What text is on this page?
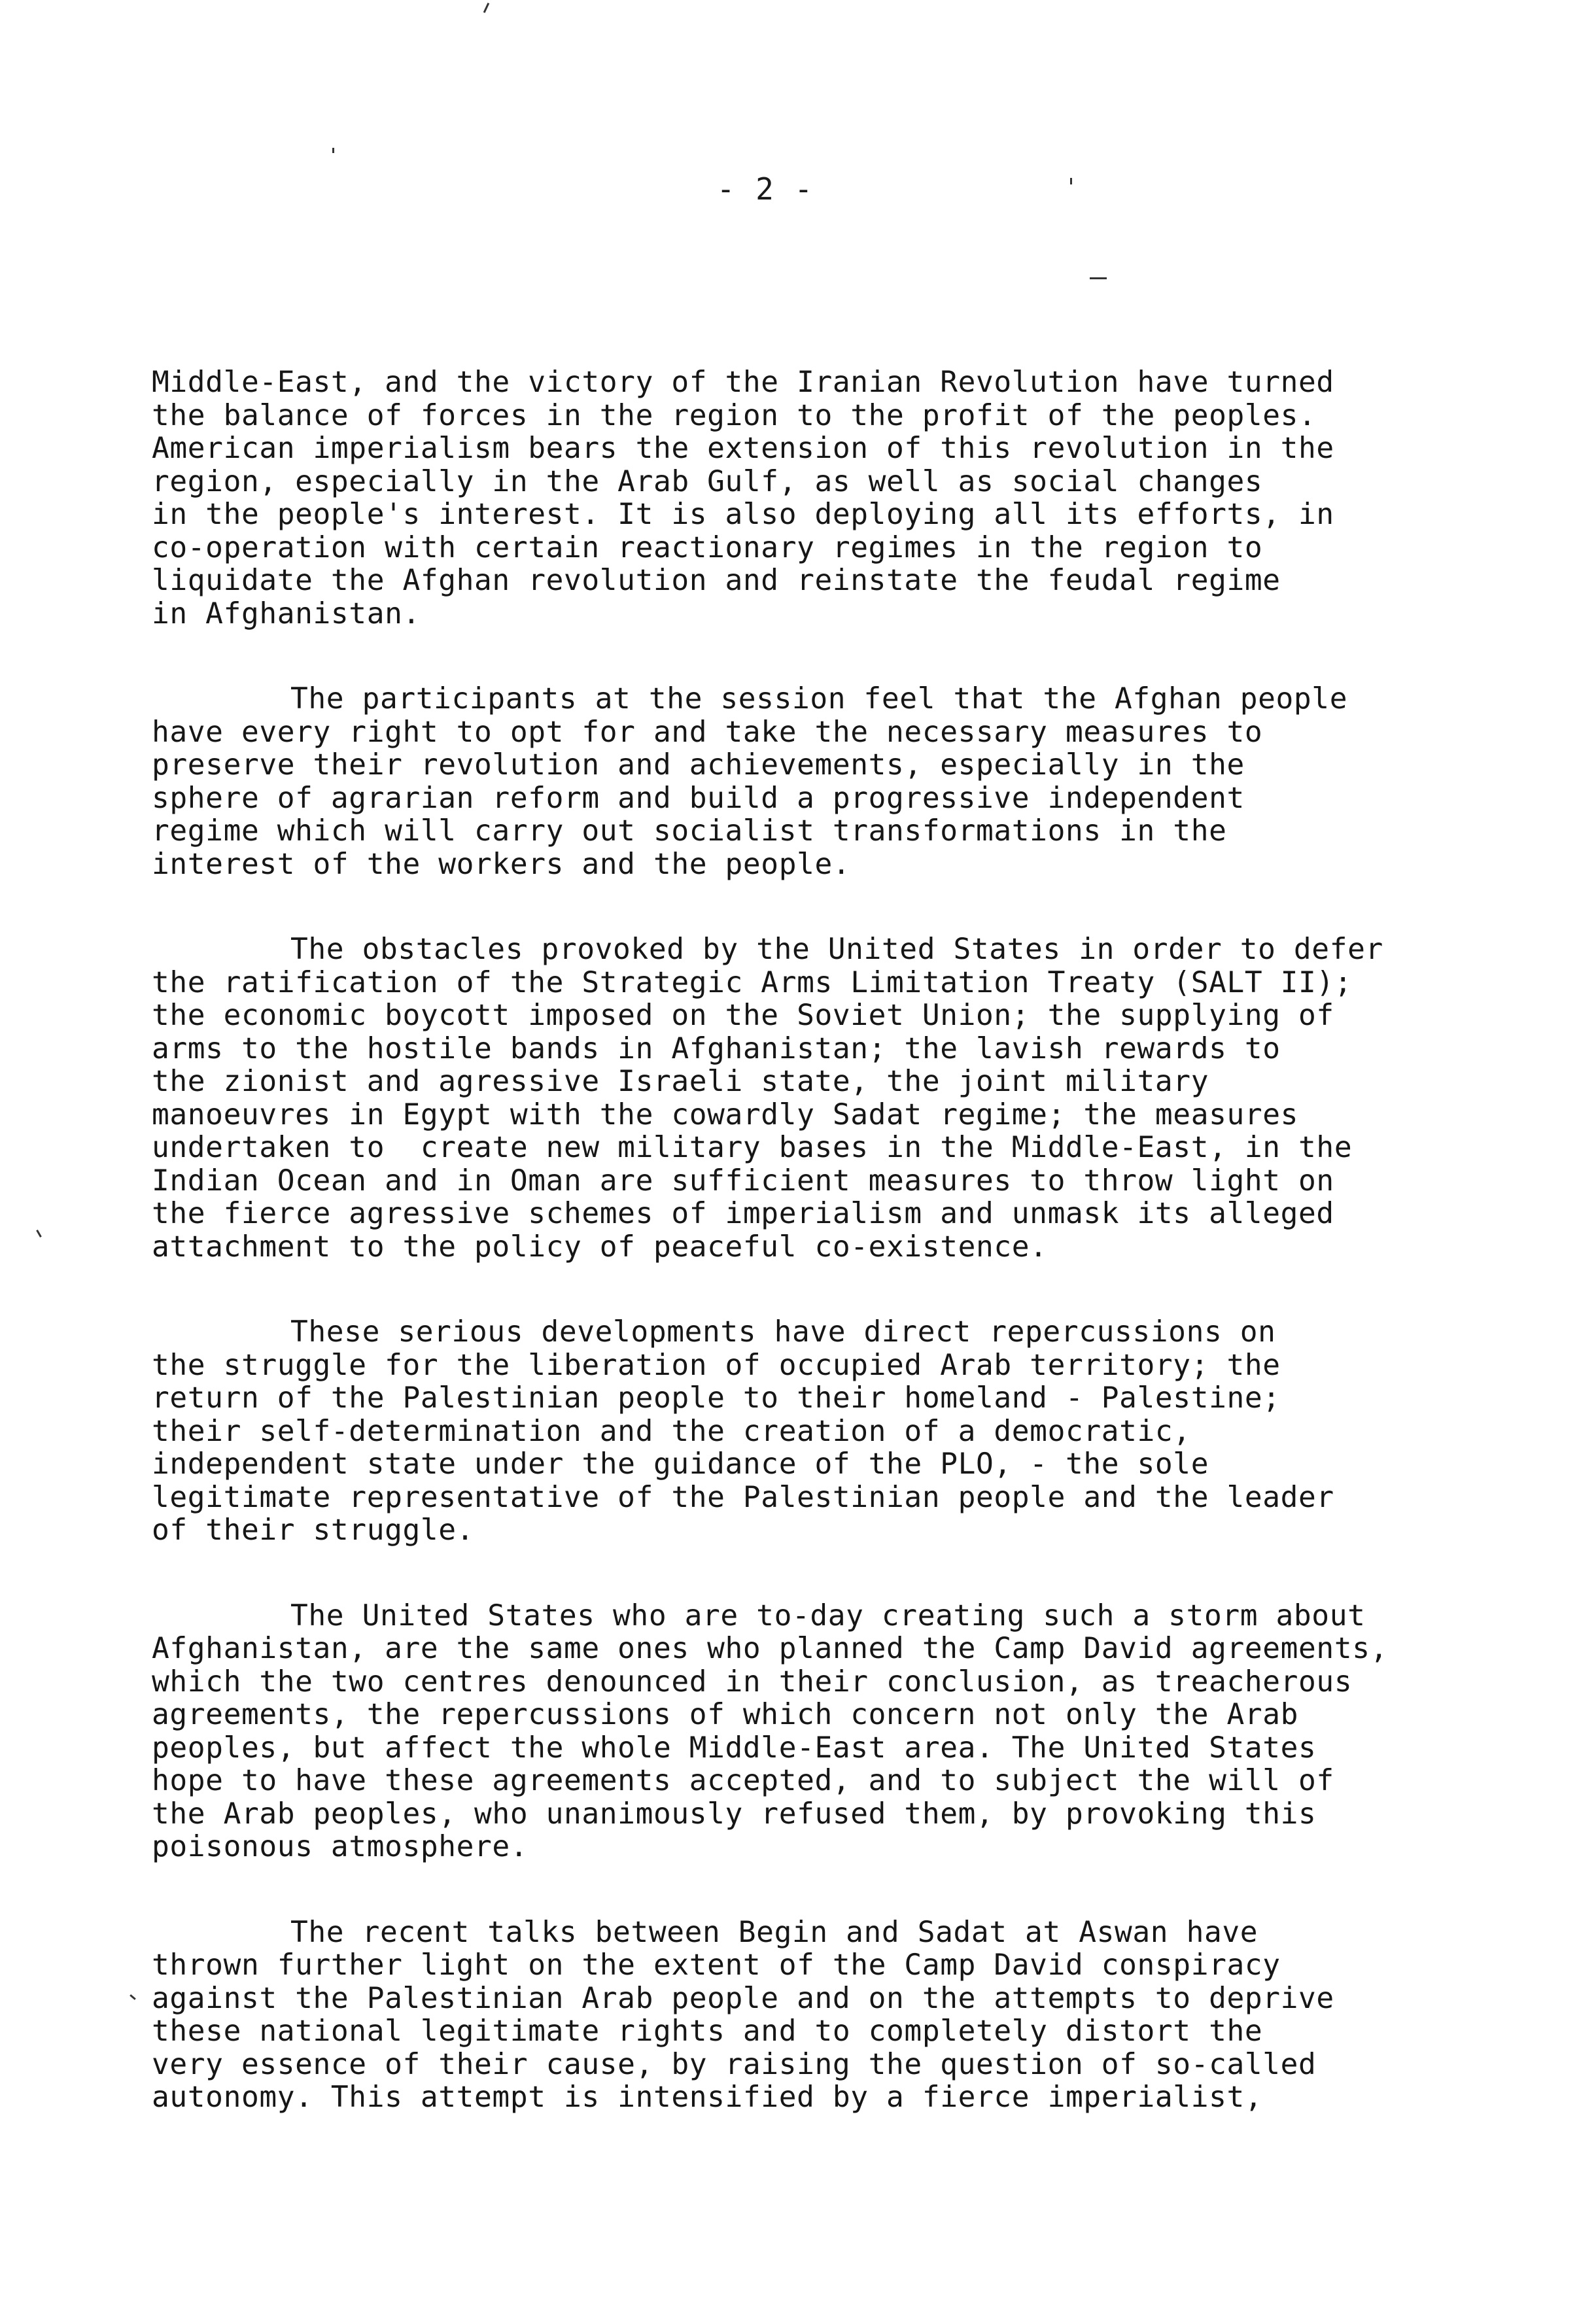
- 2 -
Middle-East, and the victory of the Iranian Revolution have turned
the balance of forces in the region to the profit of the peoples.
American imperialism bears the extension of this revolution in the
region, especially in the Arab Gulf, as well as social changes
in the people's interest. It is also deploying all its efforts, in
co-operation with certain reactionary regimes in the region to
liquidate the Afghan revolution and reinstate the feudal regime
in Afghanistan.
The participants at the session feel that the Afghan people
have every right to opt for and take the necessary measures to
preserve their revolution and achievements, especially in the
sphere of agrarian reform and build a progressive independent
regime which will carry out socialist transformations in the
interest of the workers and the people.
The obstacles provoked by the United States in order to defer
the ratification of the Strategic Arms Limitation Treaty (SALT II);
the economic boycott imposed on the Soviet Union; the supplying of
arms to the hostile bands in Afghanistan; the lavish rewards to
the zionist and agressive Israeli state, the joint military
manoeuvres in Egypt with the cowardly Sadat regime; the measures
undertaken to  create new military bases in the Middle-East, in the
Indian Ocean and in Oman are sufficient measures to throw light on
the fierce agressive schemes of imperialism and unmask its alleged
attachment to the policy of peaceful co-existence.
These serious developments have direct repercussions on
the struggle for the liberation of occupied Arab territory; the
return of the Palestinian people to their homeland - Palestine;
their self-determination and the creation of a democratic,
independent state under the guidance of the PLO, - the sole
legitimate representative of the Palestinian people and the leader
of their struggle.
The United States who are to-day creating such a storm about
Afghanistan, are the same ones who planned the Camp David agreements,
which the two centres denounced in their conclusion, as treacherous
agreements, the repercussions of which concern not only the Arab
peoples, but affect the whole Middle-East area. The United States
hope to have these agreements accepted, and to subject the will of
the Arab peoples, who unanimously refused them, by provoking this
poisonous atmosphere.
The recent talks between Begin and Sadat at Aswan have
thrown further light on the extent of the Camp David conspiracy
against the Palestinian Arab people and on the attempts to deprive
these national legitimate rights and to completely distort the
very essence of their cause, by raising the question of so-called
autonomy. This attempt is intensified by a fierce imperialist,
